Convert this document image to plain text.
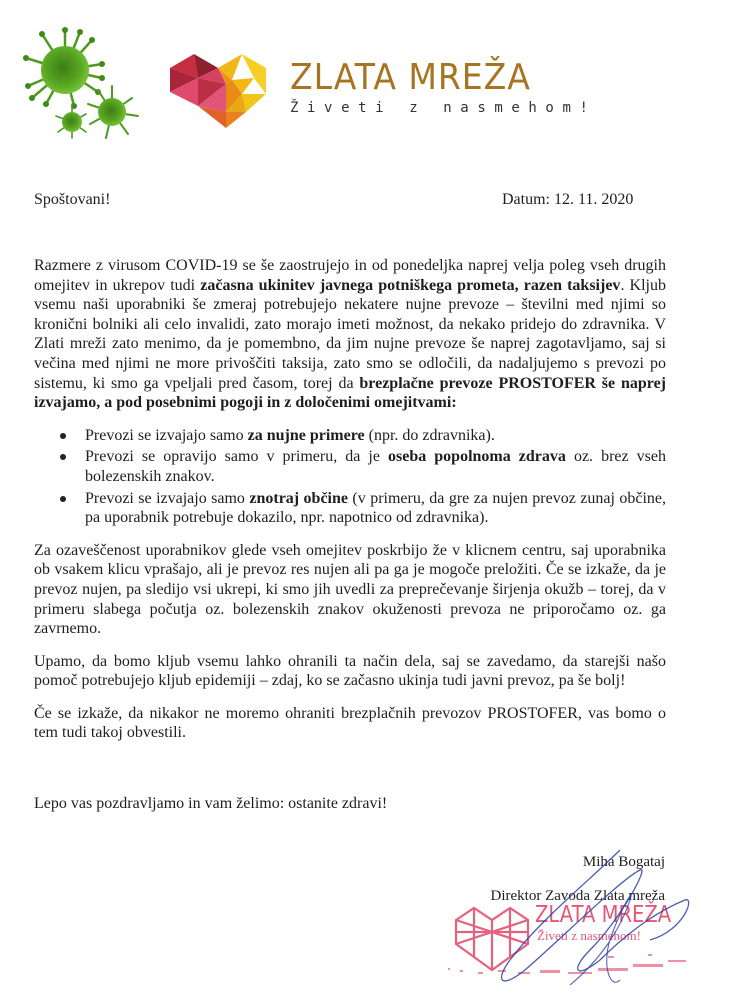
ZLATA MREŽA
Živeti z nasmehom!
Spoštovani!	Datum: 12. 11. 2020

Razmere z virusom COVID-19 se še zaostrujejo in od ponedeljka naprej velja poleg vseh drugih omejitev in ukrepov tudi začasna ukinitev javnega potniškega prometa, razen taksijev. Kljub vsemu naši uporabniki še zmeraj potrebujejo nekatere nujne prevoze – številni med njimi so kronični bolniki ali celo invalidi, zato morajo imeti možnost, da nekako pridejo do zdravnika. V Zlati mreži zato menimo, da je pomembno, da jim nujne prevoze še naprej zagotavljamo, saj si večina med njimi ne more privoščiti taksija, zato smo se odločili, da nadaljujemo s prevozi po sistemu, ki smo ga vpeljali pred časom, torej da brezplačne prevoze PROSTOFER še naprej izvajamo, a pod posebnimi pogoji in z določenimi omejitvami:

Prevozi se izvajajo samo za nujne primere (npr. do zdravnika).
Prevozi se opravijo samo v primeru, da je oseba popolnoma zdrava oz. brez vseh bolezenskih znakov.
Prevozi se izvajajo samo znotraj občine (v primeru, da gre za nujen prevoz zunaj občine, pa uporabnik potrebuje dokazilo, npr. napotnico od zdravnika).

Za ozaveščenost uporabnikov glede vseh omejitev poskrbijo že v klicnem centru, saj uporabnika ob vsakem klicu vprašajo, ali je prevoz res nujen ali pa ga je mogoče preložiti. Če se izkaže, da je prevoz nujen, pa sledijo vsi ukrepi, ki smo jih uvedli za preprečevanje širjenja okužb – torej, da v primeru slabega počutja oz. bolezenskih znakov okuženosti prevoza ne priporočamo oz. ga zavrnemo.

Upamo, da bomo kljub vsemu lahko ohranili ta način dela, saj se zavedamo, da starejši našo pomoč potrebujejo kljub epidemiji – zdaj, ko se začasno ukinja tudi javni prevoz, pa še bolj!

Če se izkaže, da nikakor ne moremo ohraniti brezplačnih prevozov PROSTOFER, vas bomo o tem tudi takoj obvestili.

Lepo vas pozdravljamo in vam želimo: ostanite zdravi!
Miha Bogataj
Direktor Zavoda Zlata mreža
ZLATA MREŽA
Živeti z nasmehom!
